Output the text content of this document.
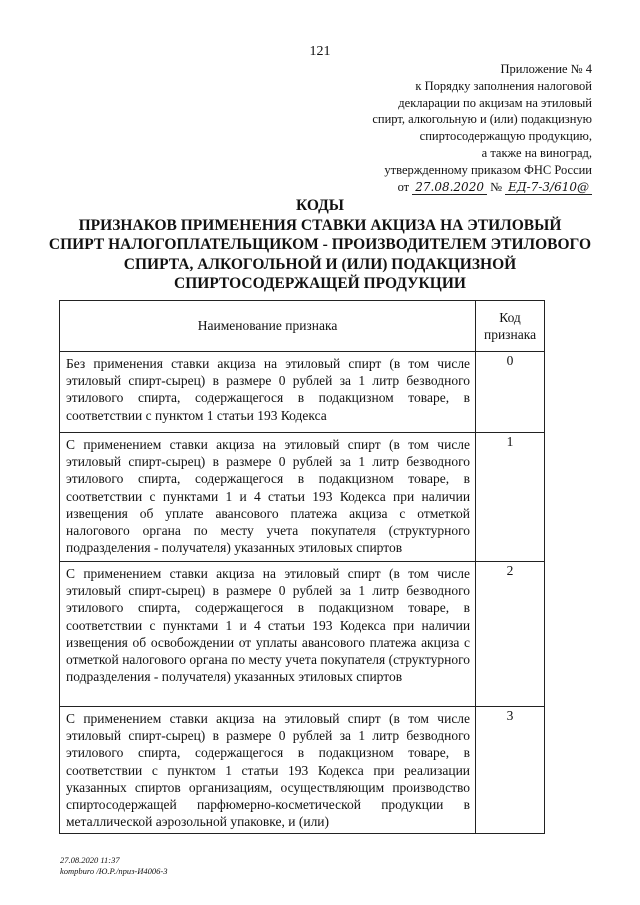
121
Приложение № 4
к Порядку заполнения налоговой
декларации по акцизам на этиловый
спирт, алкогольную и (или) подакцизную
спиртосодержащую продукцию,
а также на виноград,
утвержденному приказом ФНС России
от 27.08.2020 № ЕД-7-3/610@
КОДЫ
ПРИЗНАКОВ ПРИМЕНЕНИЯ СТАВКИ АКЦИЗА НА ЭТИЛОВЫЙ
СПИРТ НАЛОГОПЛАТЕЛЬЩИКОМ - ПРОИЗВОДИТЕЛЕМ ЭТИЛОВОГО
СПИРТА, АЛКОГОЛЬНОЙ И (ИЛИ) ПОДАКЦИЗНОЙ
СПИРТОСОДЕРЖАЩЕЙ ПРОДУКЦИИ
Наименование признака	Код признака
Без применения ставки акциза на этиловый спирт (в том числе этиловый спирт-сырец) в размере 0 рублей за 1 литр безводного этилового спирта, содержащегося в подакцизном товаре, в соответствии с пунктом 1 статьи 193 Кодекса	0
С применением ставки акциза на этиловый спирт (в том числе этиловый спирт-сырец) в размере 0 рублей за 1 литр безводного этилового спирта, содержащегося в подакцизном товаре, в соответствии с пунктами 1 и 4 статьи 193 Кодекса при наличии извещения об уплате авансового платежа акциза с отметкой налогового органа по месту учета покупателя (структурного подразделения - получателя) указанных этиловых спиртов	1
С применением ставки акциза на этиловый спирт (в том числе этиловый спирт-сырец) в размере 0 рублей за 1 литр безводного этилового спирта, содержащегося в подакцизном товаре, в соответствии с пунктами 1 и 4 статьи 193 Кодекса при наличии извещения об освобождении от уплаты авансового платежа акциза с отметкой налогового органа по месту учета покупателя (структурного подразделения - получателя) указанных этиловых спиртов	2
С применением ставки акциза на этиловый спирт (в том числе этиловый спирт-сырец) в размере 0 рублей за 1 литр безводного этилового спирта, содержащегося в подакцизном товаре, в соответствии с пунктом 1 статьи 193 Кодекса при реализации указанных спиртов организациям, осуществляющим производство спиртосодержащей парфюмерно-косметической продукции в металлической аэрозольной упаковке, и (или)	3
27.08.2020 11:37
kompburo /Ю.Р./приз-И4006-3
